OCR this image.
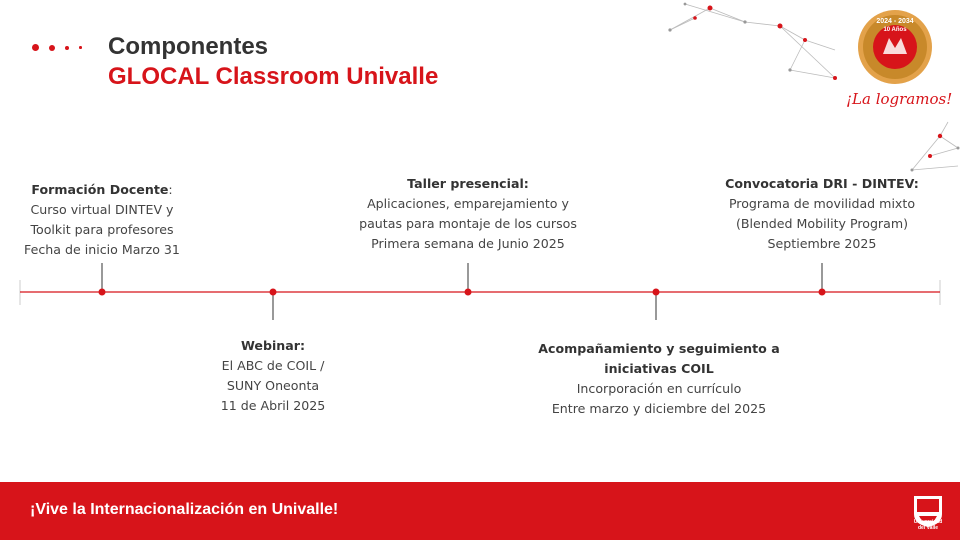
Componentes
GLOCAL Classroom Univalle
2024 - 2034
10 Años
¡La logramos!
Formación Docente:
Curso virtual DINTEV y
Toolkit para profesores
Fecha de inicio Marzo 31
Webinar:
El ABC de COIL /
SUNY Oneonta
11 de Abril 2025
Taller presencial:
Aplicaciones, emparejamiento y
pautas para montaje de los cursos
Primera semana de Junio 2025
Acompañamiento y seguimiento a
iniciativas COIL
Incorporación en currículo
Entre marzo y diciembre del 2025
Convocatoria DRI - DINTEV:
Programa de movilidad mixto
(Blended Mobility Program)
Septiembre 2025
¡Vive la Internacionalización en Univalle!
Universidad
del Valle
